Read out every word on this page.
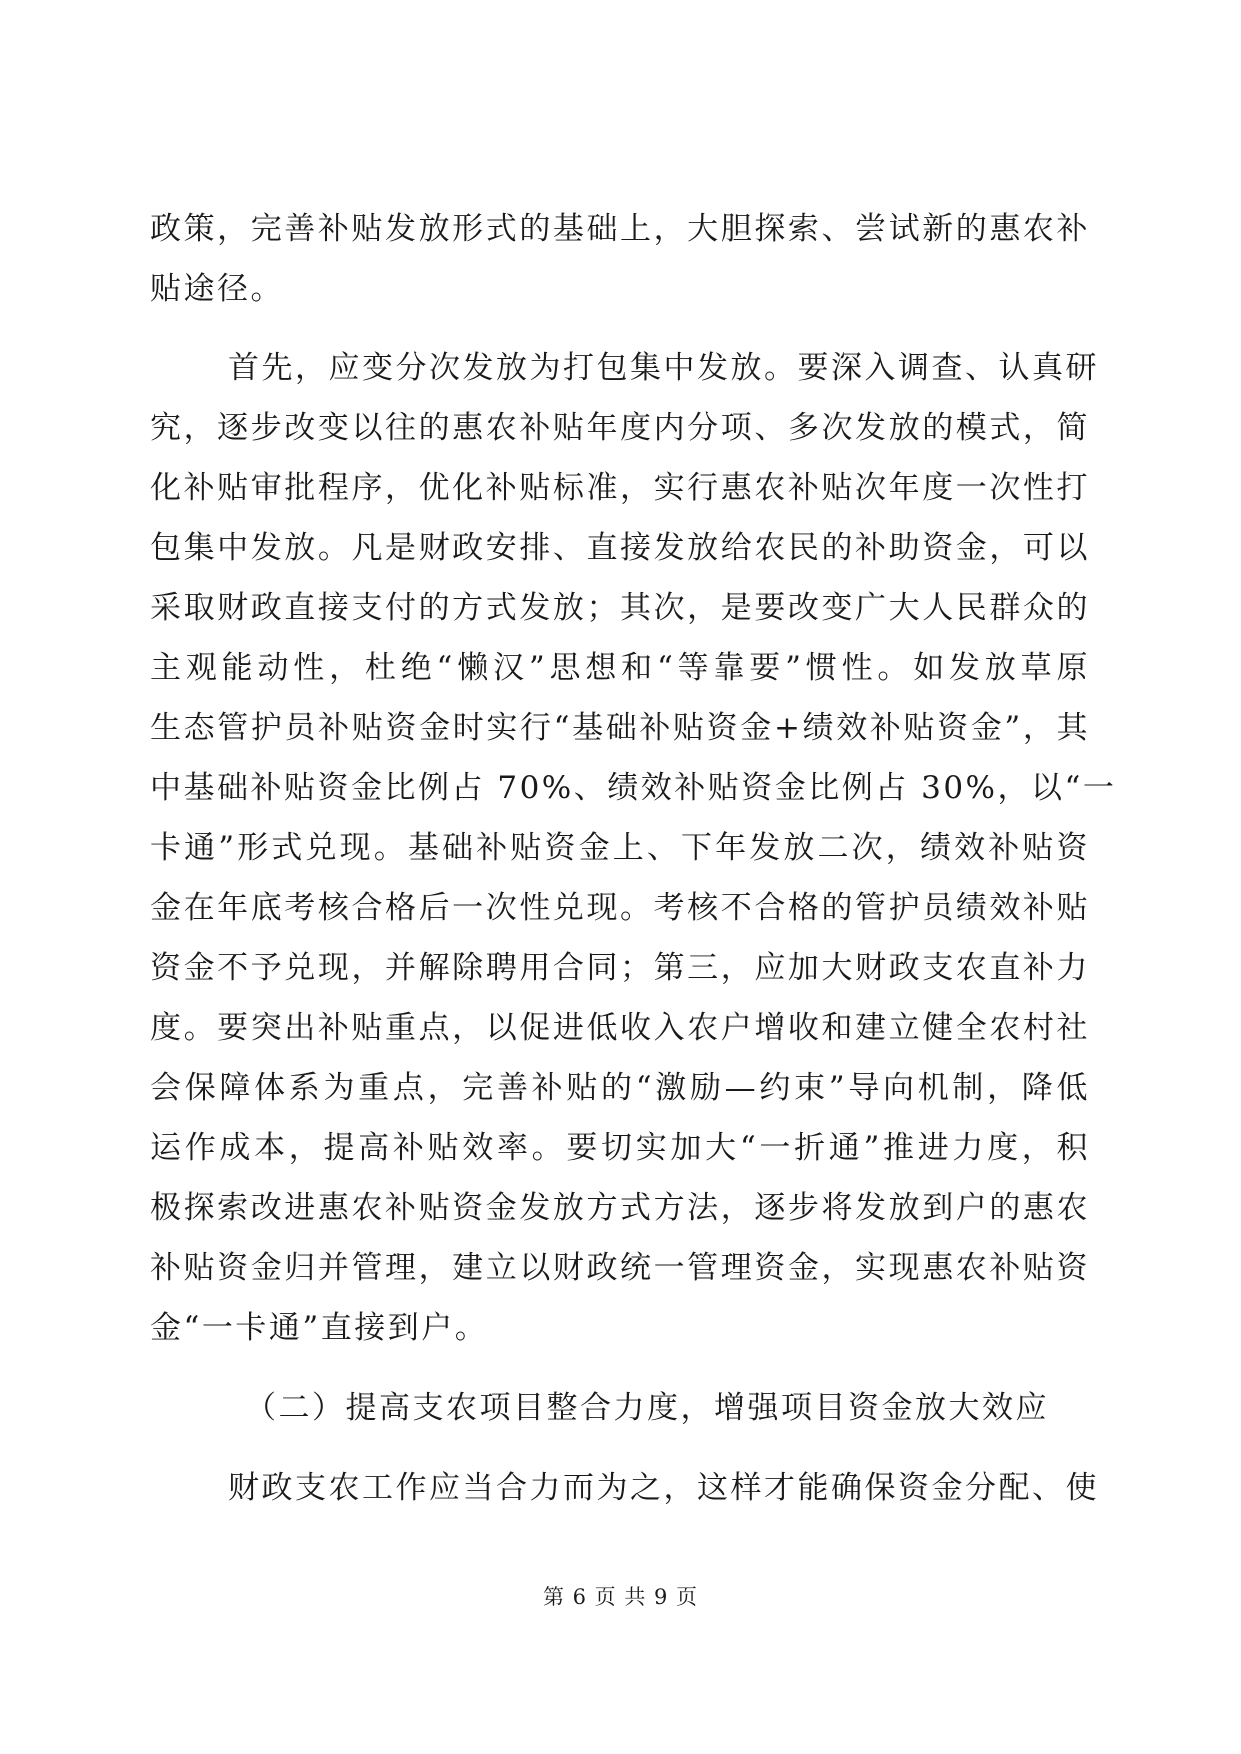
政策，完善补贴发放形式的基础上，大胆探索、尝试新的惠农补
贴途径。
首先，应变分次发放为打包集中发放。要深入调查、认真研
究，逐步改变以往的惠农补贴年度内分项、多次发放的模式，简
化补贴审批程序，优化补贴标准，实行惠农补贴次年度一次性打
包集中发放。凡是财政安排、直接发放给农民的补助资金，可以
采取财政直接支付的方式发放；其次，是要改变广大人民群众的
主观能动性，杜绝“懒汉”思想和“等靠要”惯性。如发放草原
生态管护员补贴资金时实行“基础补贴资金+绩效补贴资金”，其
中基础补贴资金比例占 70%、绩效补贴资金比例占 30%，以“一
卡通”形式兑现。基础补贴资金上、下年发放二次，绩效补贴资
金在年底考核合格后一次性兑现。考核不合格的管护员绩效补贴
资金不予兑现，并解除聘用合同；第三，应加大财政支农直补力
度。要突出补贴重点，以促进低收入农户增收和建立健全农村社
会保障体系为重点，完善补贴的“激励—约束”导向机制，降低
运作成本，提高补贴效率。要切实加大“一折通”推进力度，积
极探索改进惠农补贴资金发放方式方法，逐步将发放到户的惠农
补贴资金归并管理，建立以财政统一管理资金，实现惠农补贴资
金“一卡通”直接到户。
（二）提高支农项目整合力度，增强项目资金放大效应
财政支农工作应当合力而为之，这样才能确保资金分配、使
第 6 页 共 9 页
